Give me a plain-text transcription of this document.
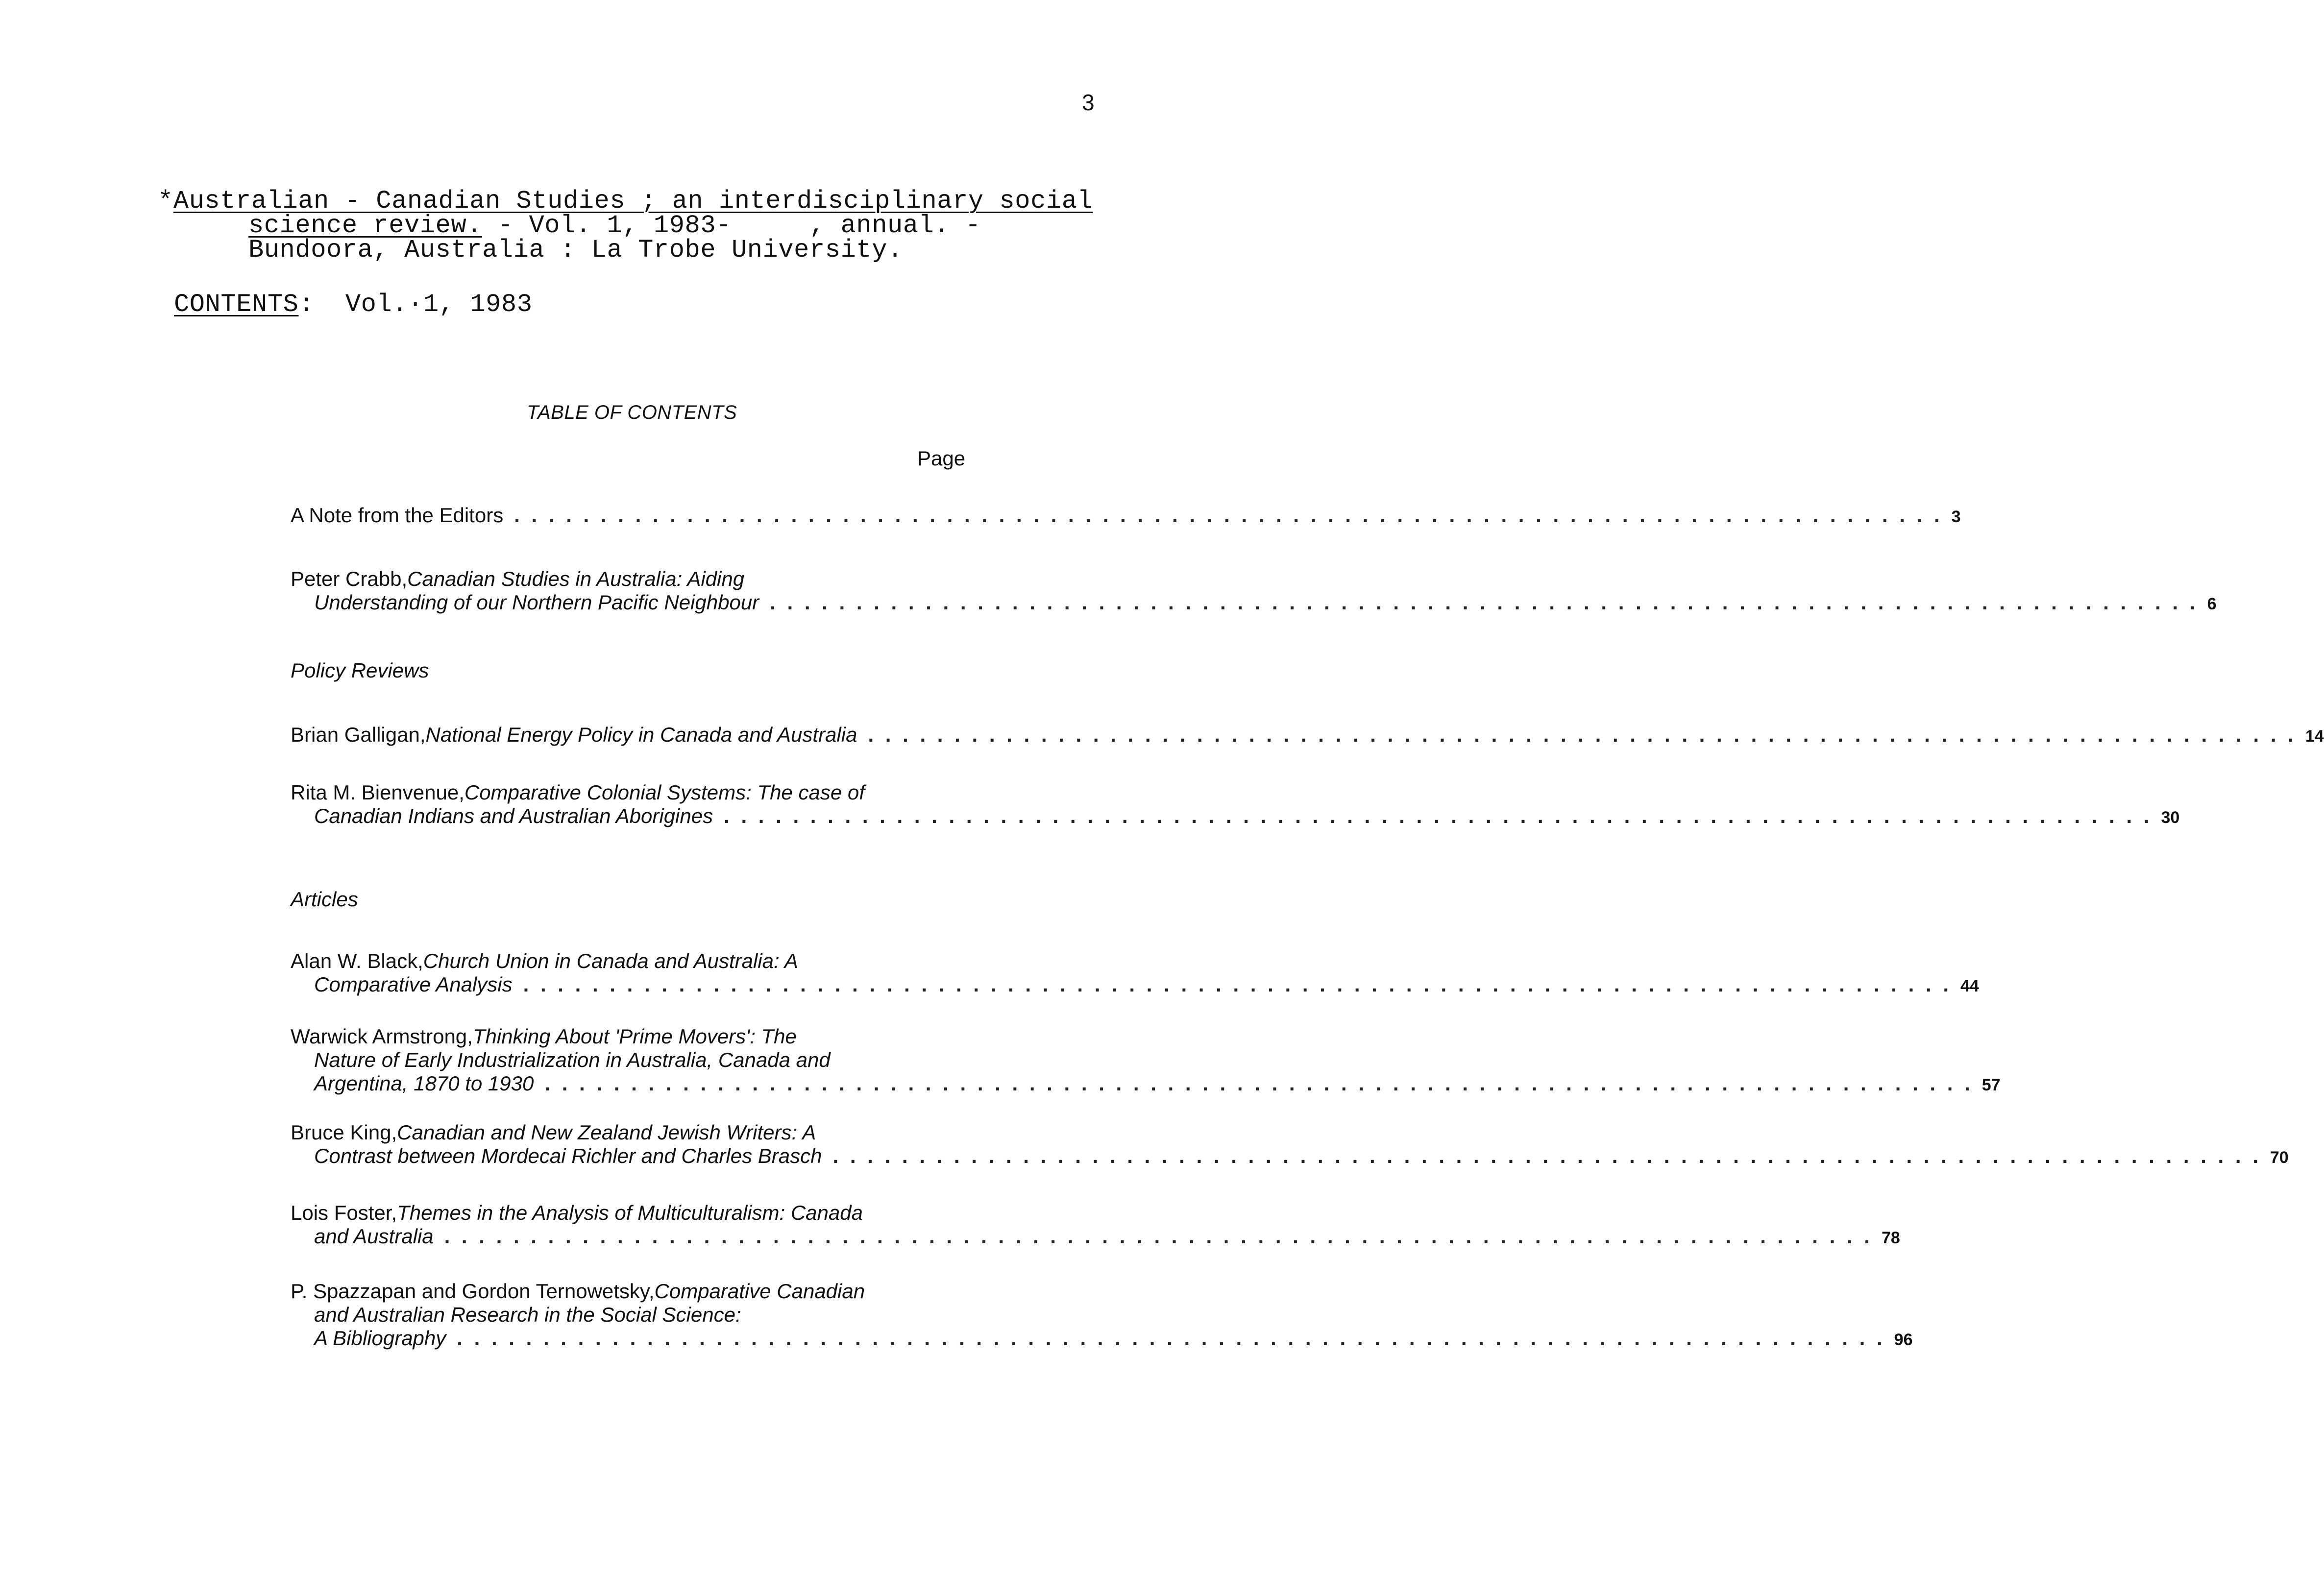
3
*Australian - Canadian Studies ; an interdisciplinary social
science review. - Vol. 1, 1983-     , annual. -
Bundoora, Australia : La Trobe University.
CONTENTS:  Vol.·1, 1983
TABLE OF CONTENTS
Page
A Note from the Editors . . . . . . . . . . . . . . . . . . . . . . . . . . . . . . . . . . . . . . . . . . . . . . . . . . . . . . . . . . . . . . . . . . . . . . . . . . . . . . . . . . . 3
Peter Crabb, Canadian Studies in Australia: Aiding
Understanding of our Northern Pacific Neighbour . . . . . . . . . . . . . . . . . . . . . . . . . . . . . . . . . . . . . . . . . . . . . . . . . . . . . . . . . . . . . . . . . . . . . . . . . . . . . . . . . . . 6
Policy Reviews
Brian Galligan, National Energy Policy in Canada and Australia . . . . . . . . . . . . . . . . . . . . . . . . . . . . . . . . . . . . . . . . . . . . . . . . . . . . . . . . . . . . . . . . . . . . . . . . . . . . . . . . . . . 14
Rita M. Bienvenue, Comparative Colonial Systems: The case of
Canadian Indians and Australian Aborigines . . . . . . . . . . . . . . . . . . . . . . . . . . . . . . . . . . . . . . . . . . . . . . . . . . . . . . . . . . . . . . . . . . . . . . . . . . . . . . . . . . . 30
Articles
Alan W. Black, Church Union in Canada and Australia: A
Comparative Analysis . . . . . . . . . . . . . . . . . . . . . . . . . . . . . . . . . . . . . . . . . . . . . . . . . . . . . . . . . . . . . . . . . . . . . . . . . . . . . . . . . . . 44
Warwick Armstrong, Thinking About 'Prime Movers': The
Nature of Early Industrialization in Australia, Canada and
Argentina, 1870 to 1930 . . . . . . . . . . . . . . . . . . . . . . . . . . . . . . . . . . . . . . . . . . . . . . . . . . . . . . . . . . . . . . . . . . . . . . . . . . . . . . . . . . . 57
Bruce King, Canadian and New Zealand Jewish Writers: A
Contrast between Mordecai Richler and Charles Brasch . . . . . . . . . . . . . . . . . . . . . . . . . . . . . . . . . . . . . . . . . . . . . . . . . . . . . . . . . . . . . . . . . . . . . . . . . . . . . . . . . . . 70
Lois Foster, Themes in the Analysis of Multiculturalism: Canada
and Australia . . . . . . . . . . . . . . . . . . . . . . . . . . . . . . . . . . . . . . . . . . . . . . . . . . . . . . . . . . . . . . . . . . . . . . . . . . . . . . . . . . . 78
P. Spazzapan and Gordon Ternowetsky, Comparative Canadian
and Australian Research in the Social Science:
A Bibliography . . . . . . . . . . . . . . . . . . . . . . . . . . . . . . . . . . . . . . . . . . . . . . . . . . . . . . . . . . . . . . . . . . . . . . . . . . . . . . . . . . . 96
